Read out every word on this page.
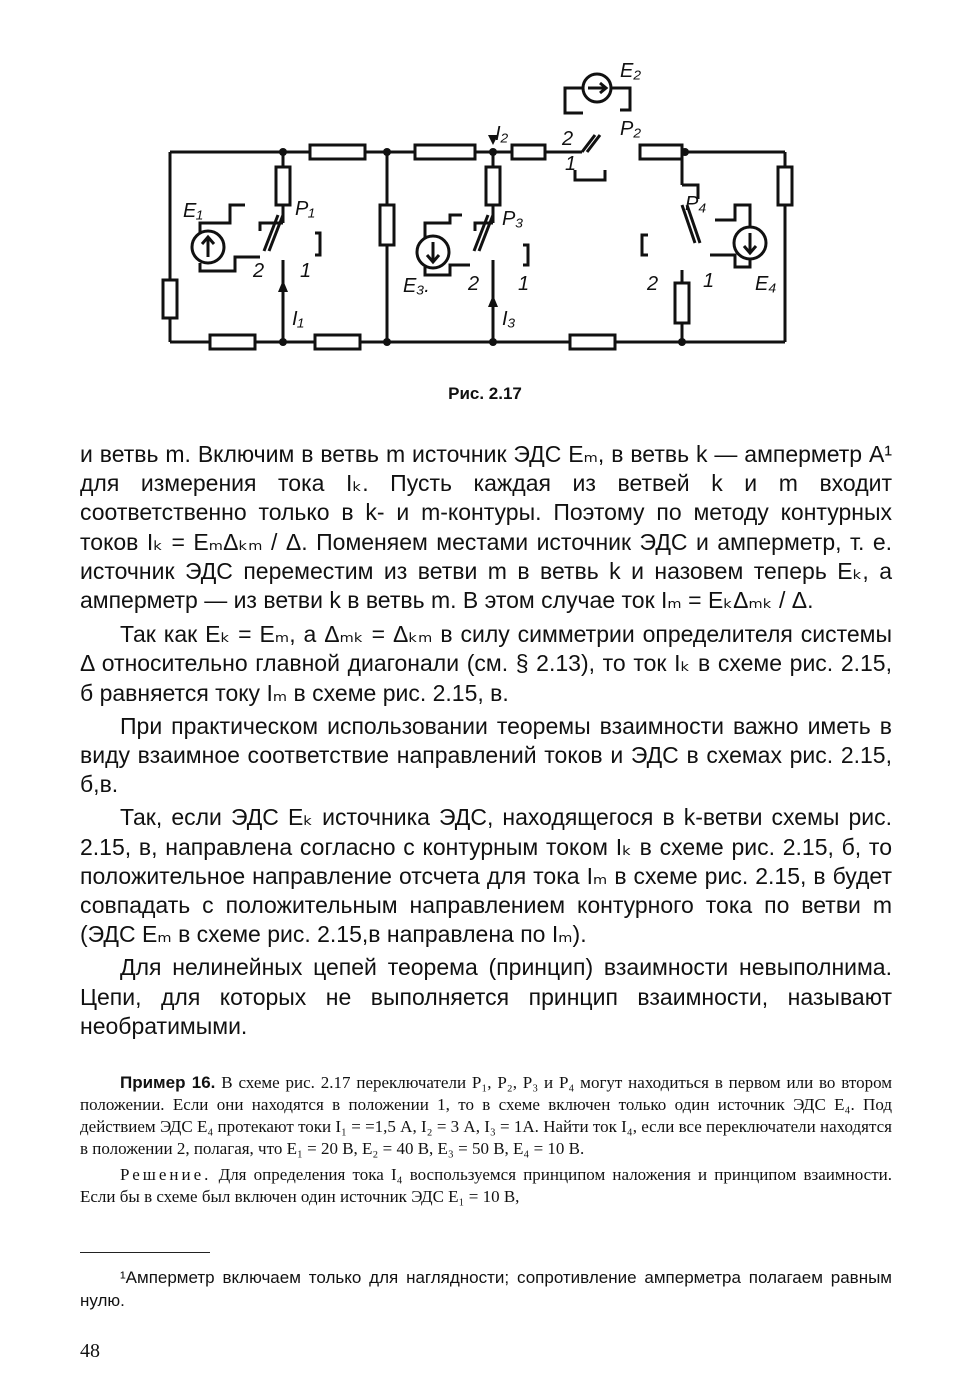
E₁	P₁
2 1
I₁
I₂
P₃
E₃. 2 1
I₃
E₂
2 P₂
1
P₄
2 1 E₄
Рис. 2.17

и ветвь m. Включим в ветвь m источник ЭДС Eₘ, в ветвь k — амперметр A¹ для измерения тока Iₖ. Пусть каждая из ветвей k и m входит соответственно только в k- и m-контуры. Поэтому по методу контурных токов Iₖ = EₘΔₖₘ / Δ. Поменяем местами источник ЭДС и амперметр, т. е. источник ЭДС переместим из ветви m в ветвь k и назовем теперь Eₖ, а амперметр — из ветви k в ветвь m. В этом случае ток Iₘ = EₖΔₘₖ / Δ.

Так как Eₖ = Eₘ, а Δₘₖ = Δₖₘ в силу симметрии определителя системы Δ относительно главной диагонали (см. § 2.13), то ток Iₖ в схеме рис. 2.15, б равняется току Iₘ в схеме рис. 2.15, в.

При практическом использовании теоремы взаимности важно иметь в виду взаимное соответствие направлений токов и ЭДС в схемах рис. 2.15, б,в.

Так, если ЭДС Eₖ источника ЭДС, находящегося в k-ветви схемы рис. 2.15, в, направлена согласно с контурным током Iₖ в схеме рис. 2.15, б, то положительное направление отсчета для тока Iₘ в схеме рис. 2.15, в будет совпадать с положительным направлением контурного тока по ветви m (ЭДС Eₘ в схеме рис. 2.15,в направлена по Iₘ).

Для нелинейных цепей теорема (принцип) взаимности невыполнима. Цепи, для которых не выполняется принцип взаимности, называют необратимыми.

Пример 16. В схеме рис. 2.17 переключатели P₁, P₂, P₃ и P₄ могут находиться в первом или во втором положении. Если они находятся в положении 1, то в схеме включен только один источник ЭДС E₄. Под действием ЭДС E₄ протекают токи I₁ = =1,5 А, I₂ = 3 А, I₃ = 1А. Найти ток I₄, если все переключатели находятся в положении 2, полагая, что E₁ = 20 В, E₂ = 40 В, E₃ = 50 В, E₄ = 10 В.

Решение. Для определения тока I₄ воспользуемся принципом наложения и принципом взаимности. Если бы в схеме был включен один источник ЭДС E₁ = 10 В,

¹Амперметр включаем только для наглядности; сопротивление амперметра полагаем равным нулю.
48
